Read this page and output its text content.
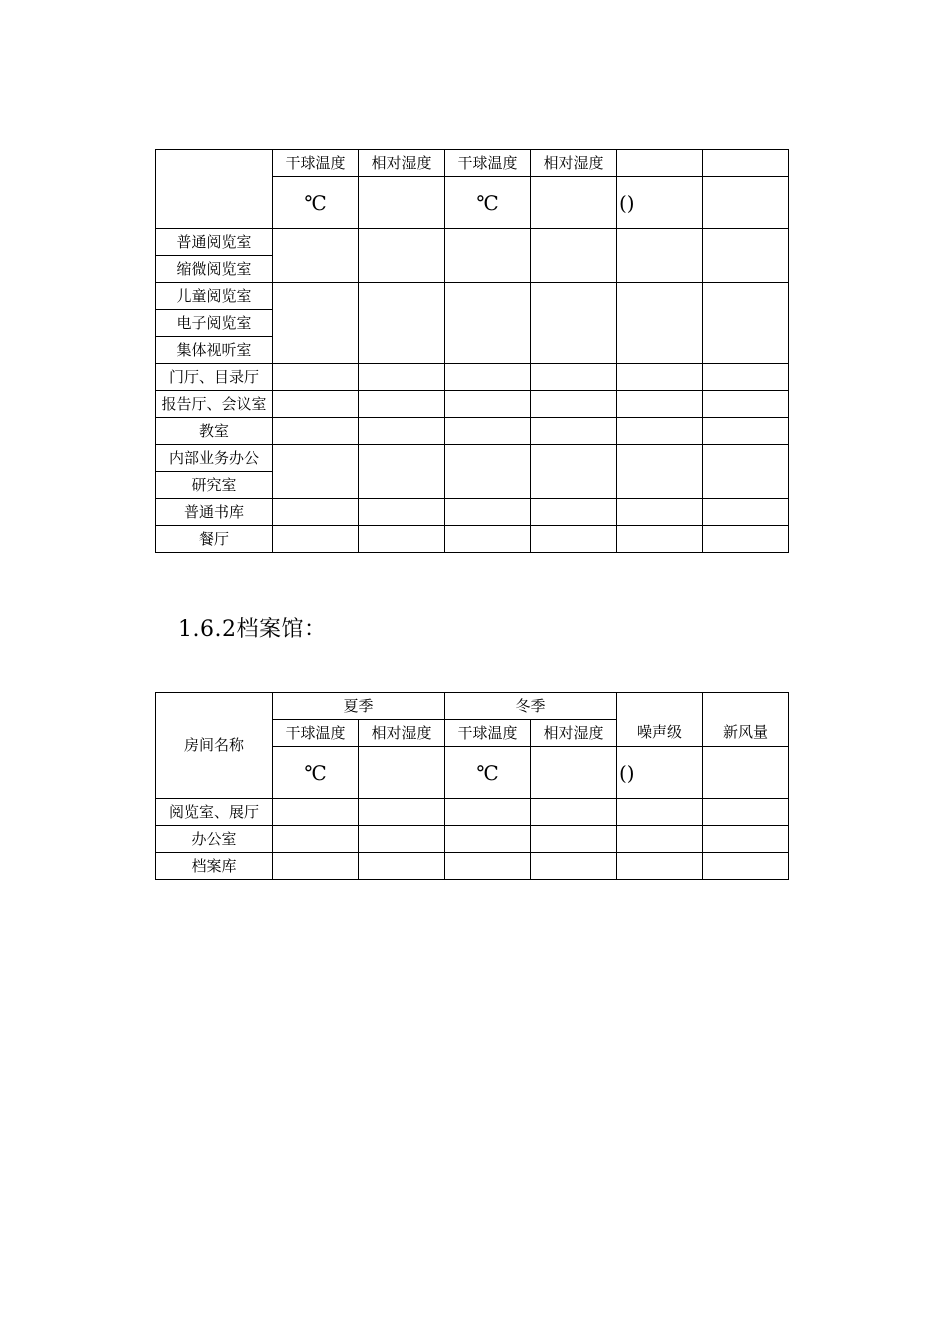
	干球温度	相对湿度	干球温度	相对湿度		
	℃		℃		()	
普通阅览室						
缩微阅览室						
儿童阅览室						
电子阅览室						
集体视听室						
门厅、目录厅						
报告厅、会议室						
教室						
内部业务办公						
研究室						
普通书库						
餐厅						
1.6.2档案馆：
房间名称	夏季		冬季		噪声级	新风量
	干球温度	相对湿度	干球温度	相对湿度		
	℃		℃		()	
阅览室、展厅						
办公室						
档案库						
